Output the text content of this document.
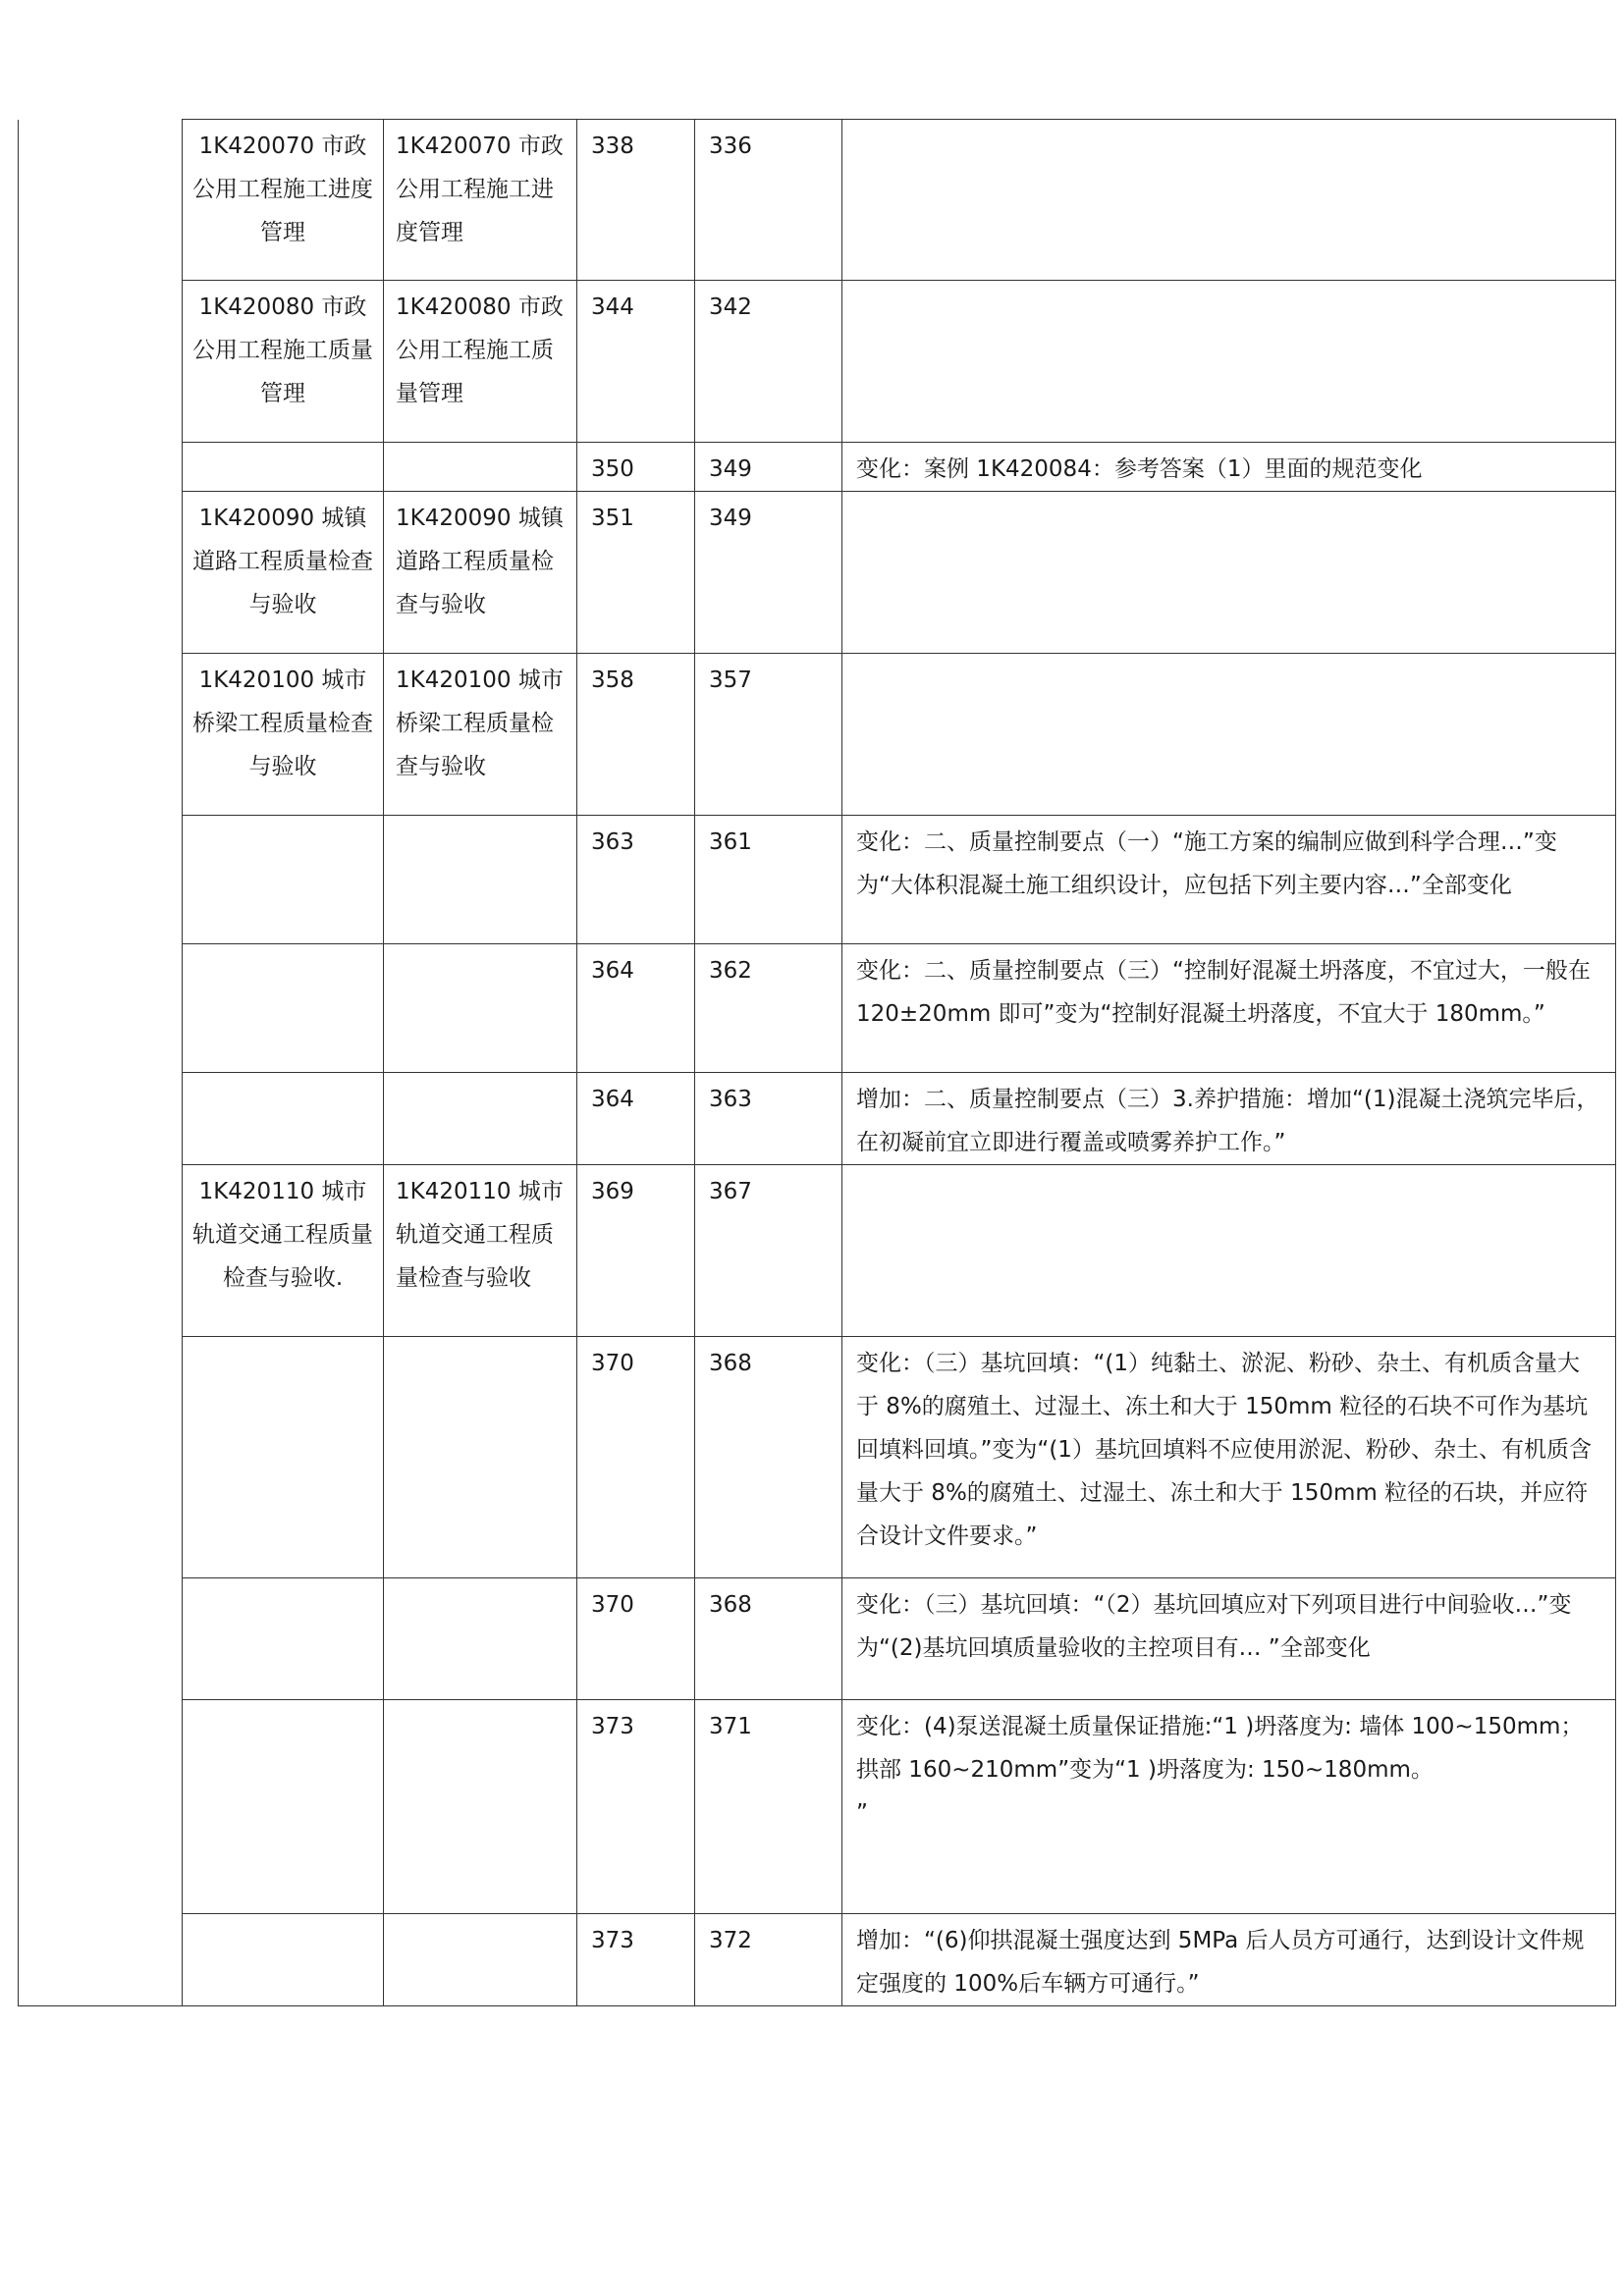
	1K420070 市政公用工程施工进度管理	1K420070 市政公用工程施工进度管理	338	336	
	1K420080 市政公用工程施工质量管理	1K420080 市政公用工程施工质量管理	344	342	
			350	349	变化：案例 1K420084：参考答案（1）里面的规范变化
	1K420090 城镇道路工程质量检查与验收	1K420090 城镇道路工程质量检查与验收	351	349	
	1K420100 城市桥梁工程质量检查与验收	1K420100 城市桥梁工程质量检查与验收	358	357	
			363	361	变化：二、质量控制要点（一）“施工方案的编制应做到科学合理…”变为“大体积混凝土施工组织设计，应包括下列主要内容…”全部变化
			364	362	变化：二、质量控制要点（三）“控制好混凝土坍落度，不宜过大，一般在 120±20mm 即可”变为“控制好混凝土坍落度，不宜大于 180mm。”
			364	363	增加：二、质量控制要点（三）3.养护措施：增加“(1)混凝土浇筑完毕后，在初凝前宜立即进行覆盖或喷雾养护工作。”
	1K420110 城市轨道交通工程质量检查与验收.	1K420110 城市轨道交通工程质量检查与验收	369	367	
			370	368	变化：（三）基坑回填：“(1）纯黏土、淤泥、粉砂、杂土、有机质含量大于 8%的腐殖土、过湿土、冻土和大于 150mm 粒径的石块不可作为基坑回填料回填。”变为“(1）基坑回填料不应使用淤泥、粉砂、杂土、有机质含量大于 8%的腐殖土、过湿土、冻土和大于 150mm 粒径的石块，并应符合设计文件要求。”
			370	368	变化：（三）基坑回填：“（2）基坑回填应对下列项目进行中间验收…”变为“(2)基坑回填质量验收的主控项目有… ”全部变化
			373	371	变化：(4)泵送混凝土质量保证措施:“1 )坍落度为: 墙体 100~150mm；拱部 160~210mm”变为“1 )坍落度为: 150~180mm。
”
			373	372	增加：“(6)仰拱混凝土强度达到 5MPa 后人员方可通行，达到设计文件规定强度的 100%后车辆方可通行。”
